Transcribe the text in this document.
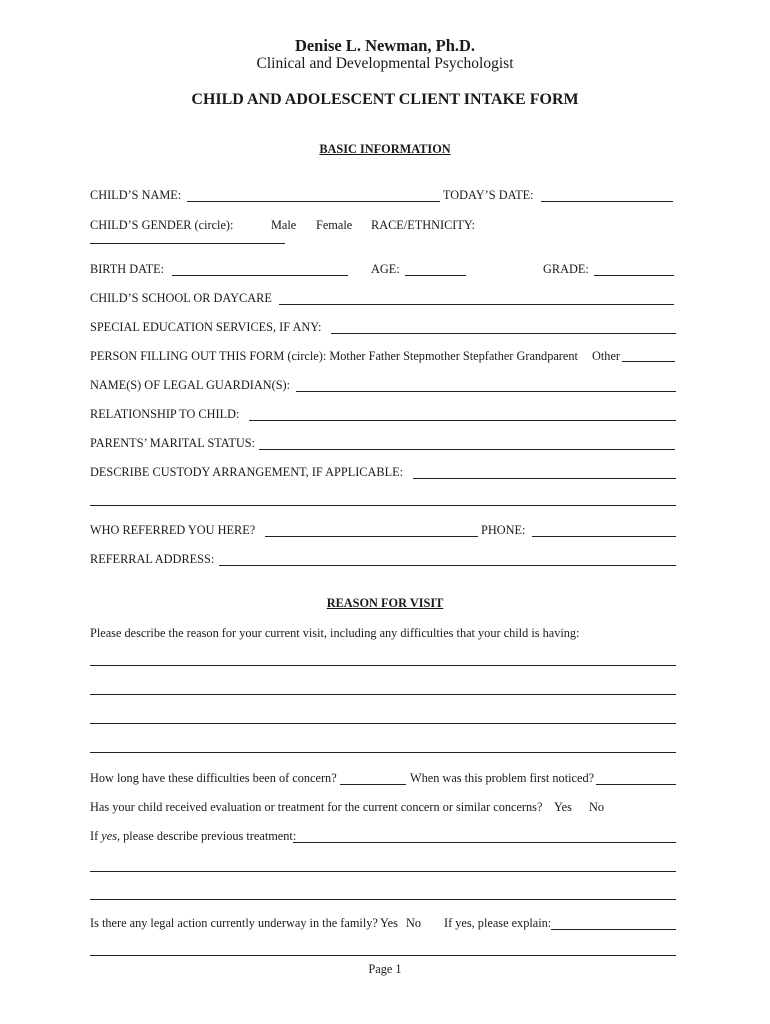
Denise L. Newman, Ph.D.
Clinical and Developmental Psychologist
CHILD AND ADOLESCENT CLIENT INTAKE FORM
BASIC INFORMATION
CHILD’S NAME:	TODAY’S DATE:
CHILD’S GENDER (circle):	Male Female RACE/ETHNICITY:
BIRTH DATE:	AGE:	GRADE:
CHILD’S SCHOOL OR DAYCARE
SPECIAL EDUCATION SERVICES, IF ANY:
PERSON FILLING OUT THIS FORM (circle): Mother Father Stepmother Stepfather Grandparent Other
NAME(S) OF LEGAL GUARDIAN(S):
RELATIONSHIP TO CHILD:
PARENTS’ MARITAL STATUS:
DESCRIBE CUSTODY ARRANGEMENT, IF APPLICABLE:
WHO REFERRED YOU HERE?	PHONE:
REFERRAL ADDRESS:
REASON FOR VISIT
Please describe the reason for your current visit, including any difficulties that your child is having:
How long have these difficulties been of concern?	When was this problem first noticed?
Has your child received evaluation or treatment for the current concern or similar concerns? Yes No
If yes, please describe previous treatment:
Is there any legal action currently underway in the family? Yes No If yes, please explain:
Page 1
